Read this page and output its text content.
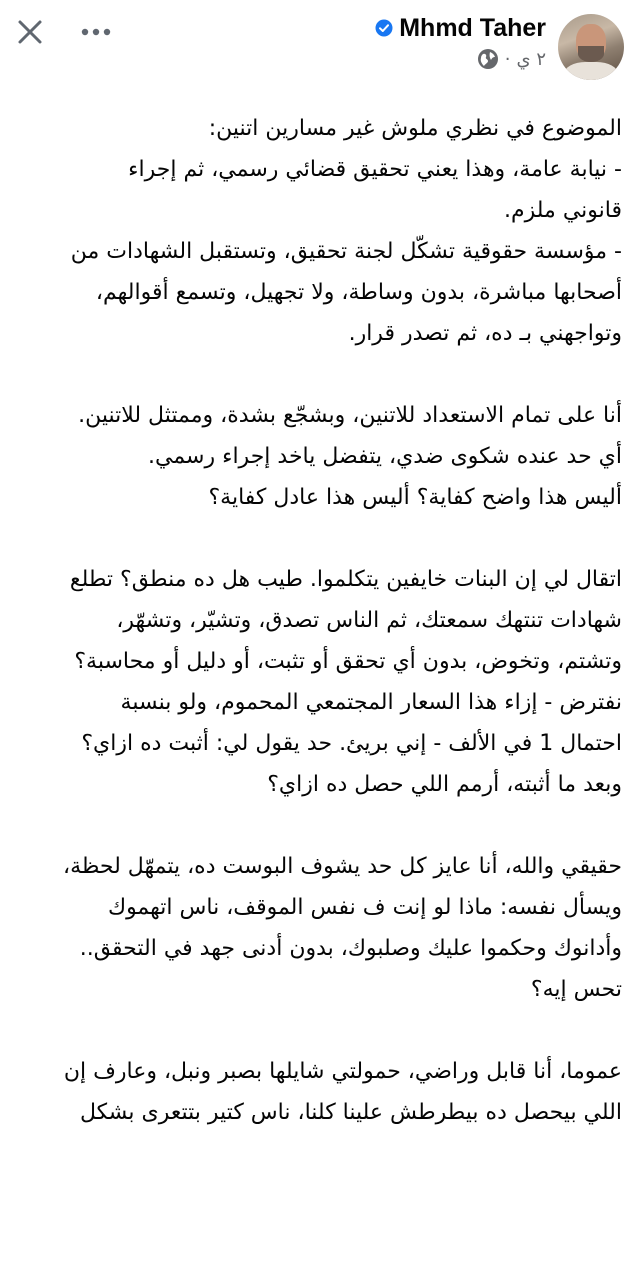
Mhmd Taher
· ٢ ي
الموضوع في نظري ملوش غير مسارين اتنين:
- نيابة عامة، وهذا يعني تحقيق قضائي رسمي، ثم إجراء
قانوني ملزم.
- مؤسسة حقوقية تشكّل لجنة تحقيق، وتستقبل الشهادات من
أصحابها مباشرة، بدون وساطة، ولا تجهيل، وتسمع أقوالهم،
وتواجهني بـ ده، ثم تصدر قرار.
أنا على تمام الاستعداد للاتنين، وبشجّع بشدة، وممتثل للاتنين.
أي حد عنده شكوى ضدي، يتفضل ياخد إجراء رسمي.
أليس هذا واضح كفاية؟ أليس هذا عادل كفاية؟
اتقال لي إن البنات خايفين يتكلموا. طيب هل ده منطق؟ تطلع
شهادات تنتهك سمعتك، ثم الناس تصدق، وتشيّر، وتشهّر،
وتشتم، وتخوض، بدون أي تحقق أو تثبت، أو دليل أو محاسبة؟
نفترض - إزاء هذا السعار المجتمعي المحموم، ولو بنسبة
احتمال 1 في الألف - إني بريئ. حد يقول لي: أثبت ده ازاي؟
وبعد ما أثبته، أرمم اللي حصل ده ازاي؟
حقيقي والله، أنا عايز كل حد يشوف البوست ده، يتمهّل لحظة،
ويسأل نفسه: ماذا لو إنت ف نفس الموقف، ناس اتهموك
وأدانوك وحكموا عليك وصلبوك، بدون أدنى جهد في التحقق..
تحس إيه؟
عموما، أنا قابل وراضي، حمولتي شايلها بصبر ونبل، وعارف إن
اللي بيحصل ده بيطرطش علينا كلنا، ناس كتير بتتعرى بشكل
